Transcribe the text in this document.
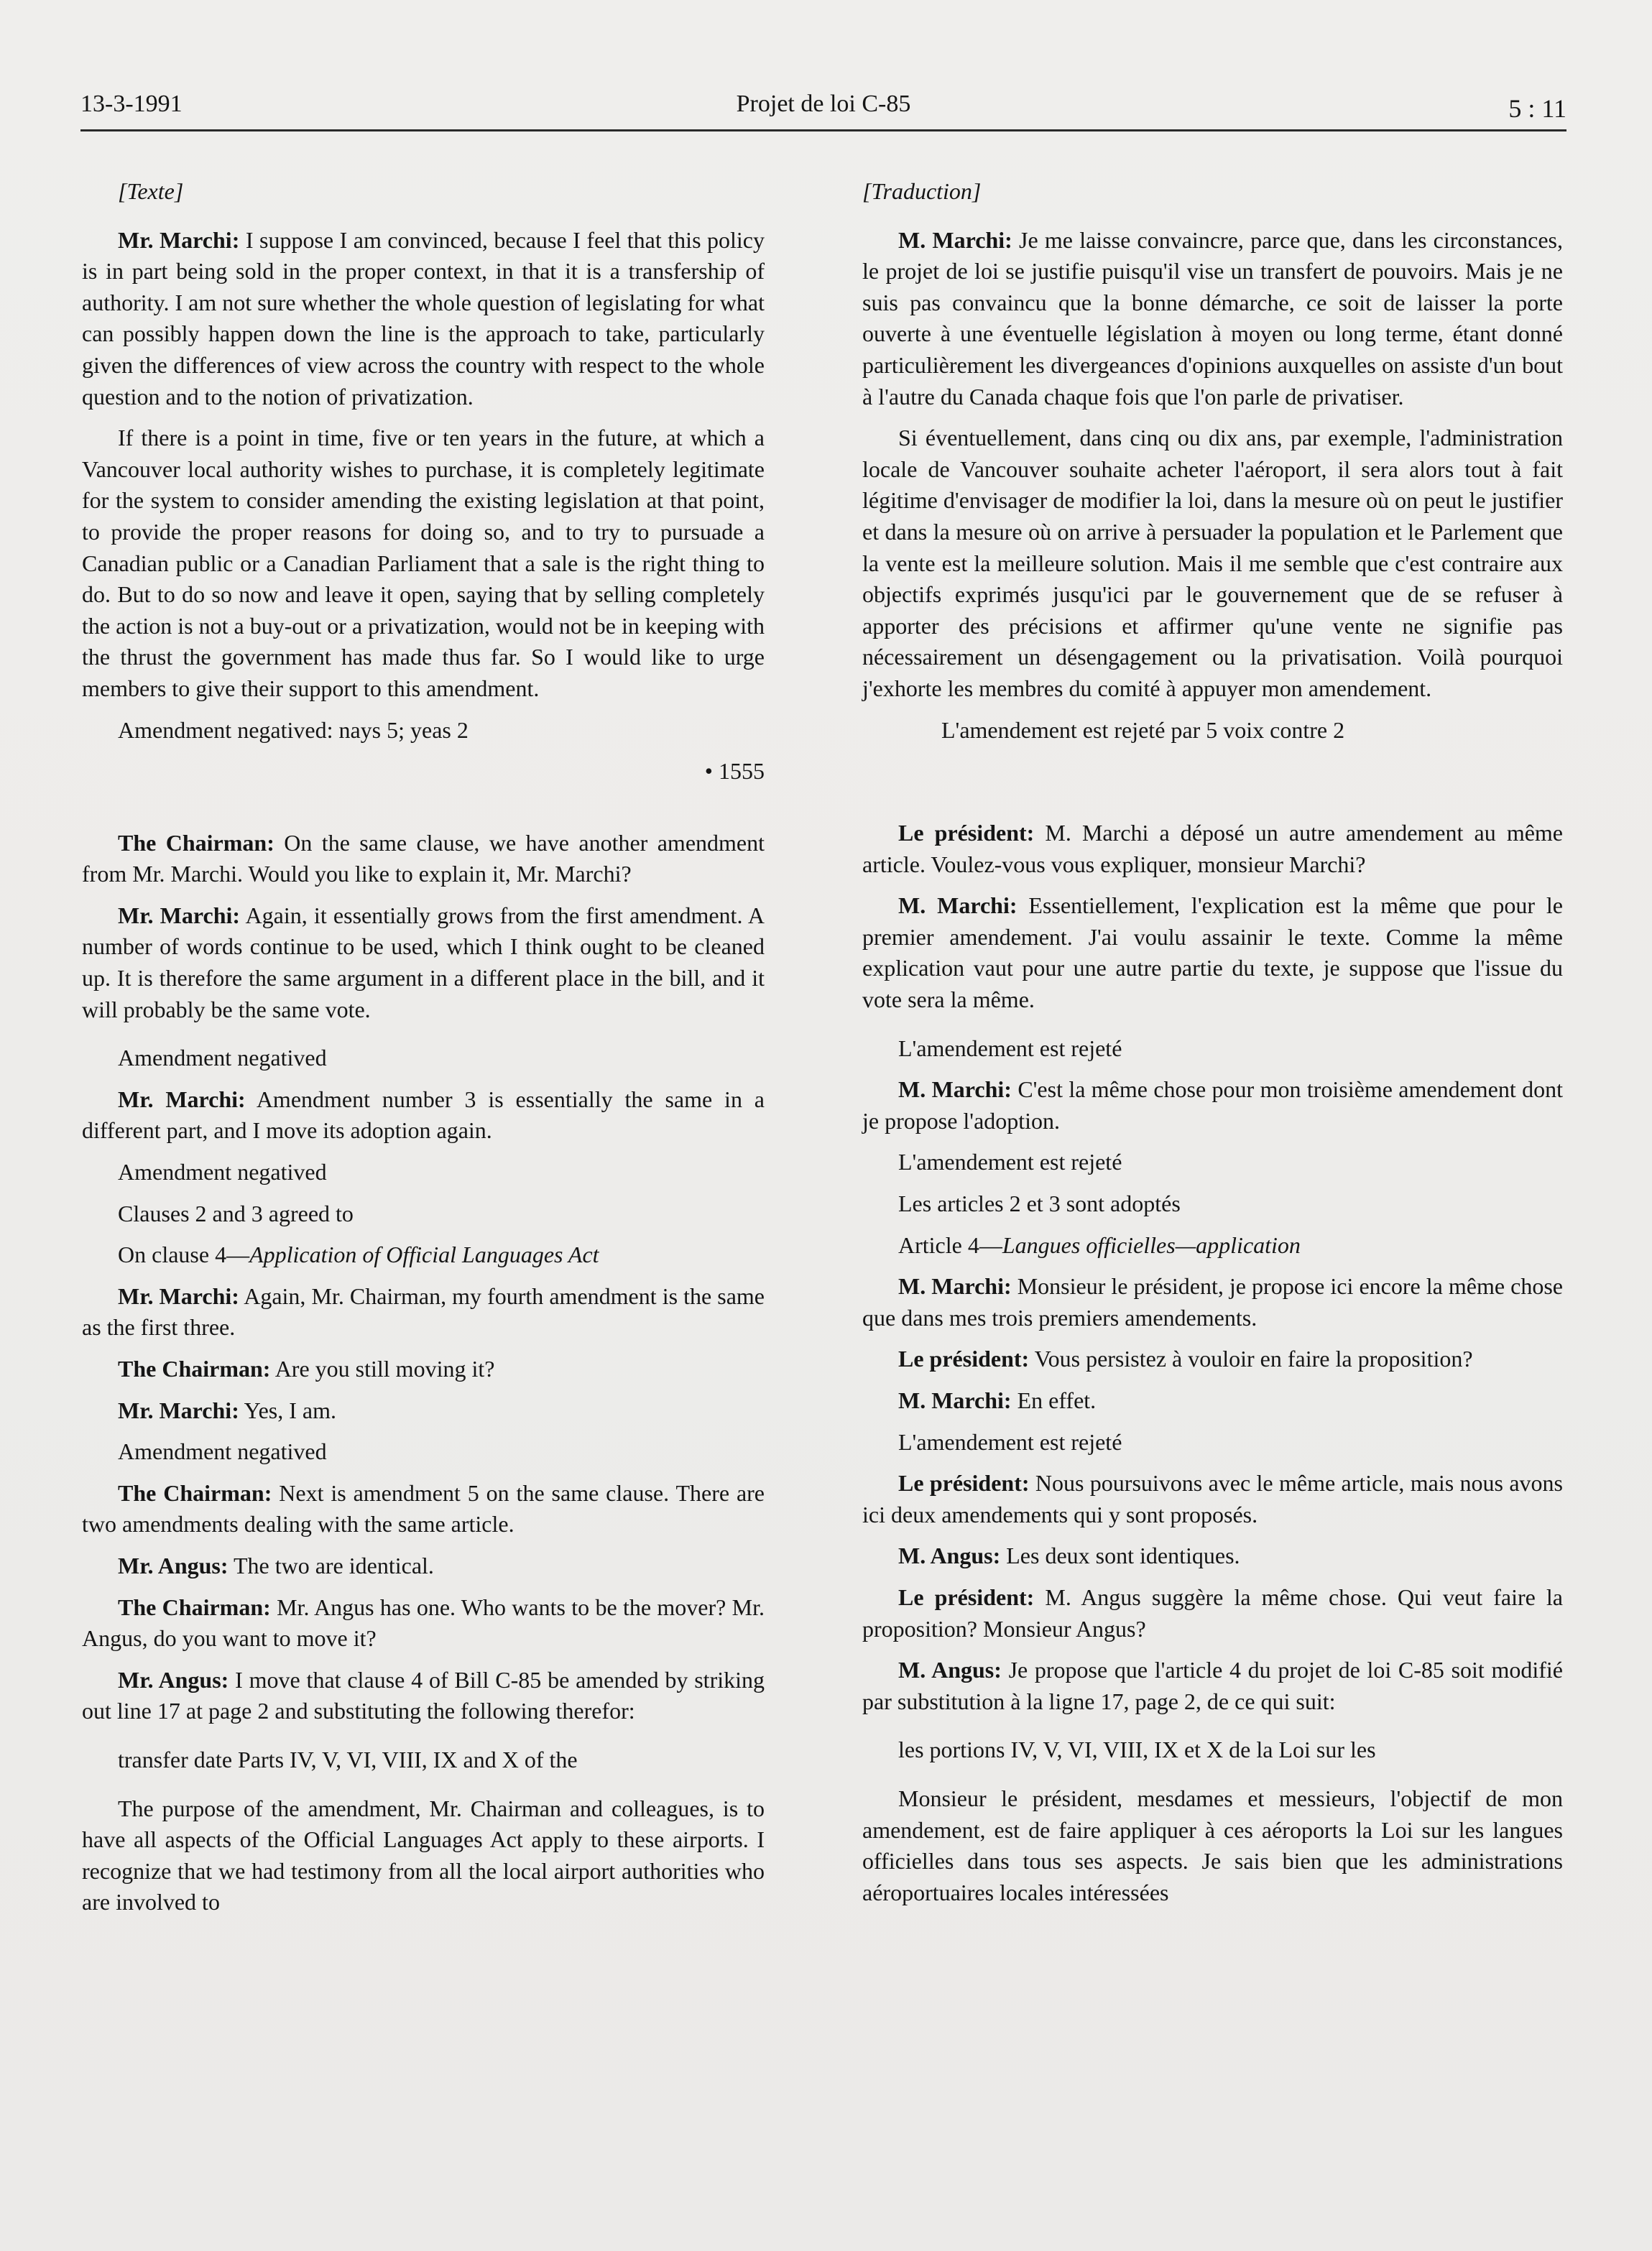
13-3-1991	Projet de loi C-85	5 : 11

[Texte]

Mr. Marchi: I suppose I am convinced, because I feel that this policy is in part being sold in the proper context, in that it is a transfership of authority. I am not sure whether the whole question of legislating for what can possibly happen down the line is the approach to take, particularly given the differences of view across the country with respect to the whole question and to the notion of privatization.

If there is a point in time, five or ten years in the future, at which a Vancouver local authority wishes to purchase, it is completely legitimate for the system to consider amending the existing legislation at that point, to provide the proper reasons for doing so, and to try to pursuade a Canadian public or a Canadian Parliament that a sale is the right thing to do. But to do so now and leave it open, saying that by selling completely the action is not a buy-out or a privatization, would not be in keeping with the thrust the government has made thus far. So I would like to urge members to give their support to this amendment.

Amendment negatived: nays 5; yeas 2

• 1555

The Chairman: On the same clause, we have another amendment from Mr. Marchi. Would you like to explain it, Mr. Marchi?

Mr. Marchi: Again, it essentially grows from the first amendment. A number of words continue to be used, which I think ought to be cleaned up. It is therefore the same argument in a different place in the bill, and it will probably be the same vote.

Amendment negatived

Mr. Marchi: Amendment number 3 is essentially the same in a different part, and I move its adoption again.

Amendment negatived

Clauses 2 and 3 agreed to

On clause 4—Application of Official Languages Act

Mr. Marchi: Again, Mr. Chairman, my fourth amendment is the same as the first three.

The Chairman: Are you still moving it?

Mr. Marchi: Yes, I am.

Amendment negatived

The Chairman: Next is amendment 5 on the same clause. There are two amendments dealing with the same article.

Mr. Angus: The two are identical.

The Chairman: Mr. Angus has one. Who wants to be the mover? Mr. Angus, do you want to move it?

Mr. Angus: I move that clause 4 of Bill C-85 be amended by striking out line 17 at page 2 and substituting the following therefor:

transfer date Parts IV, V, VI, VIII, IX and X of the

The purpose of the amendment, Mr. Chairman and colleagues, is to have all aspects of the Official Languages Act apply to these airports. I recognize that we had testimony from all the local airport authorities who are involved to

[Traduction]

M. Marchi: Je me laisse convaincre, parce que, dans les circonstances, le projet de loi se justifie puisqu'il vise un transfert de pouvoirs. Mais je ne suis pas convaincu que la bonne démarche, ce soit de laisser la porte ouverte à une éventuelle législation à moyen ou long terme, étant donné particulièrement les divergeances d'opinions auxquelles on assiste d'un bout à l'autre du Canada chaque fois que l'on parle de privatiser.

Si éventuellement, dans cinq ou dix ans, par exemple, l'administration locale de Vancouver souhaite acheter l'aéroport, il sera alors tout à fait légitime d'envisager de modifier la loi, dans la mesure où on peut le justifier et dans la mesure où on arrive à persuader la population et le Parlement que la vente est la meilleure solution. Mais il me semble que c'est contraire aux objectifs exprimés jusqu'ici par le gouvernement que de se refuser à apporter des précisions et affirmer qu'une vente ne signifie pas nécessairement un désengagement ou la privatisation. Voilà pourquoi j'exhorte les membres du comité à appuyer mon amendement.

L'amendement est rejeté par 5 voix contre 2

Le président: M. Marchi a déposé un autre amendement au même article. Voulez-vous vous expliquer, monsieur Marchi?

M. Marchi: Essentiellement, l'explication est la même que pour le premier amendement. J'ai voulu assainir le texte. Comme la même explication vaut pour une autre partie du texte, je suppose que l'issue du vote sera la même.

L'amendement est rejeté

M. Marchi: C'est la même chose pour mon troisième amendement dont je propose l'adoption.

L'amendement est rejeté

Les articles 2 et 3 sont adoptés

Article 4—Langues officielles—application

M. Marchi: Monsieur le président, je propose ici encore la même chose que dans mes trois premiers amendements.

Le président: Vous persistez à vouloir en faire la proposition?

M. Marchi: En effet.

L'amendement est rejeté

Le président: Nous poursuivons avec le même article, mais nous avons ici deux amendements qui y sont proposés.

M. Angus: Les deux sont identiques.

Le président: M. Angus suggère la même chose. Qui veut faire la proposition? Monsieur Angus?

M. Angus: Je propose que l'article 4 du projet de loi C-85 soit modifié par substitution à la ligne 17, page 2, de ce qui suit:

les portions IV, V, VI, VIII, IX et X de la Loi sur les

Monsieur le président, mesdames et messieurs, l'objectif de mon amendement, est de faire appliquer à ces aéroports la Loi sur les langues officielles dans tous ses aspects. Je sais bien que les administrations aéroportuaires locales intéressées
